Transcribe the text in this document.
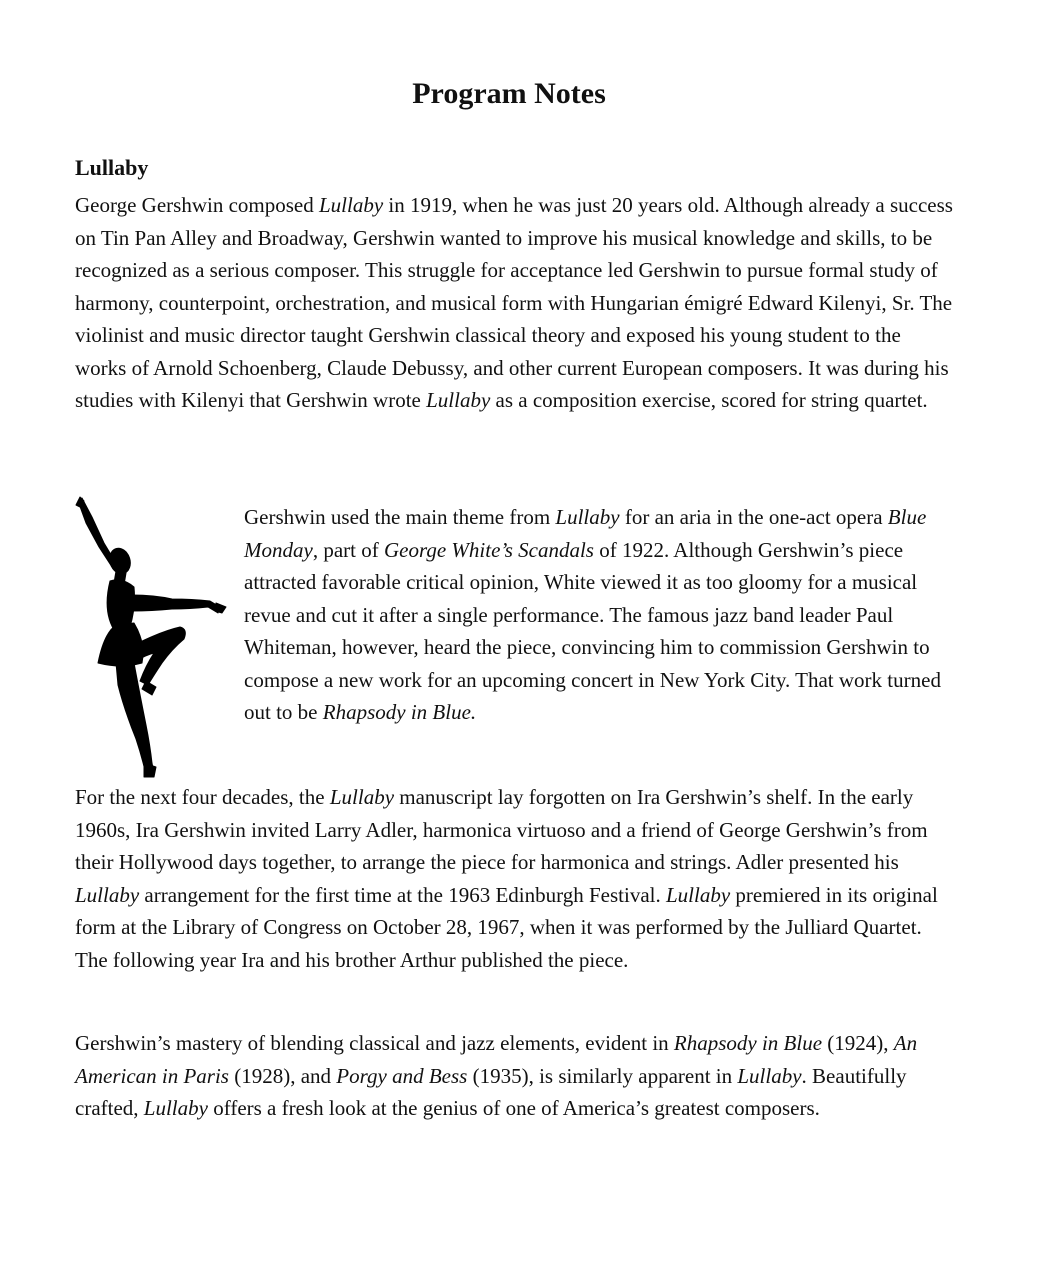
Program Notes
Lullaby

George Gershwin composed Lullaby in 1919, when he was just 20 years old. Although already a success on Tin Pan Alley and Broadway, Gershwin wanted to improve his musical knowledge and skills, to be recognized as a serious composer. This struggle for acceptance led Gershwin to pursue formal study of harmony, counterpoint, orchestration, and musical form with Hungarian émigré Edward Kilenyi, Sr. The violinist and music director taught Gershwin classical theory and exposed his young student to the works of Arnold Schoenberg, Claude Debussy, and other current European composers. It was during his studies with Kilenyi that Gershwin wrote Lullaby as a composition exercise, scored for string quartet.

Gershwin used the main theme from Lullaby for an aria in the one-act opera Blue Monday, part of George White’s Scandals of 1922. Although Gershwin’s piece attracted favorable critical opinion, White viewed it as too gloomy for a musical revue and cut it after a single performance. The famous jazz band leader Paul Whiteman, however, heard the piece, convincing him to commission Gershwin to compose a new work for an upcoming concert in New York City. That work turned out to be Rhapsody in Blue.

For the next four decades, the Lullaby manuscript lay forgotten on Ira Gershwin’s shelf. In the early 1960s, Ira Gershwin invited Larry Adler, harmonica virtuoso and a friend of George Gershwin’s from their Hollywood days together, to arrange the piece for harmonica and strings. Adler presented his Lullaby arrangement for the first time at the 1963 Edinburgh Festival. Lullaby premiered in its original form at the Library of Congress on October 28, 1967, when it was performed by the Julliard Quartet. The following year Ira and his brother Arthur published the piece.

Gershwin’s mastery of blending classical and jazz elements, evident in Rhapsody in Blue (1924), An American in Paris (1928), and Porgy and Bess (1935), is similarly apparent in Lullaby. Beautifully crafted, Lullaby offers a fresh look at the genius of one of America’s greatest composers.
